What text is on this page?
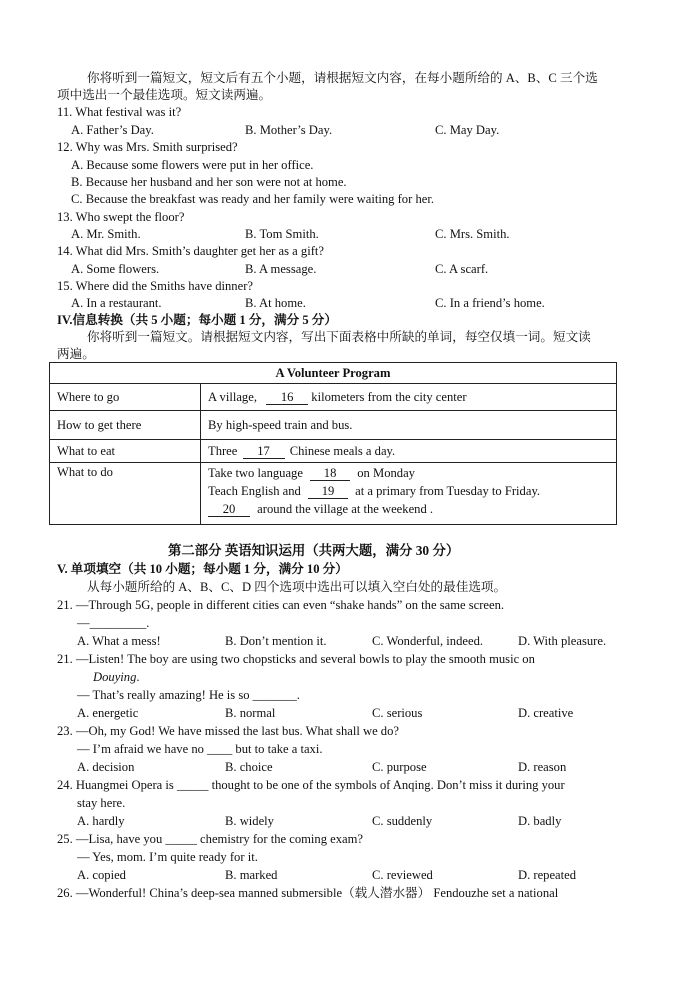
你将听到一篇短文，短文后有五个小题，请根据短文内容，在每小题所给的 A、B、C 三个选
项中选出一个最佳选项。短文读两遍。
11. What festival was it?
A. Father’s Day.	B. Mother’s Day.	C. May Day.
12. Why was Mrs. Smith surprised?
A. Because some flowers were put in her office.
B. Because her husband and her son were not at home.
C. Because the breakfast was ready and her family were waiting for her.
13. Who swept the floor?
A. Mr. Smith.	B. Tom Smith.	C. Mrs. Smith.
14. What did Mrs. Smith’s daughter get her as a gift?
A. Some flowers.	B. A message.	C. A scarf.
15. Where did the Smiths have dinner?
A. In a restaurant.	B. At home.	C. In a friend’s home.
IV.信息转换（共 5 小题；每小题 1 分，满分 5 分）
你将听到一篇短文。请根据短文内容，写出下面表格中所缺的单词，每空仅填一词。短文读
两遍。
A Volunteer Program	
Where to go	A village, 16 kilometers from the city center
How to get there	By high-speed train and bus.
What to eat	Three 17 Chinese meals a day.
What to do	Take two language 18 on Monday
Teach English and 19 at a primary from Tuesday to Friday.
20 around the village at the weekend .
第二部分 英语知识运用（共两大题，满分 30 分）
V. 单项填空（共 10 小题；每小题 1 分，满分 10 分）
从每小题所给的 A、B、C、D 四个选项中选出可以填入空白处的最佳选项。
21. —Through 5G, people in different cities can even “shake hands” on the same screen.
—_________.
A. What a mess!	B. Don’t mention it.	C. Wonderful, indeed.	D. With pleasure.
21. —Listen! The boy are using two chopsticks and several bowls to play the smooth music on
Douying.
— That’s really amazing! He is so _______.
A. energetic	B. normal	C. serious	D. creative
23. —Oh, my God! We have missed the last bus. What shall we do?
— I’m afraid we have no ____ but to take a taxi.
A. decision	B. choice	C. purpose	D. reason
24. Huangmei Opera is _____ thought to be one of the symbols of Anqing. Don’t miss it during your
stay here.
A. hardly	B. widely	C. suddenly	D. badly
25. —Lisa, have you _____ chemistry for the coming exam?
— Yes, mom. I’m quite ready for it.
A. copied	B. marked	C. reviewed	D. repeated
26. —Wonderful! China’s deep-sea manned submersible（载人潜水器） Fendouzhe set a national
